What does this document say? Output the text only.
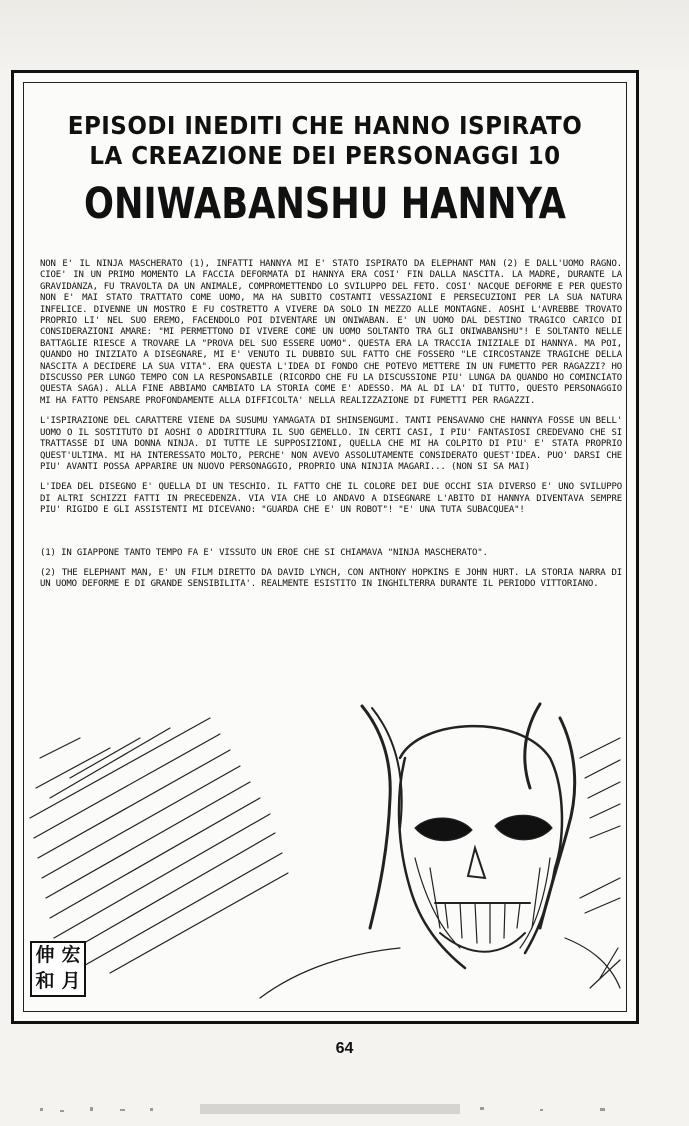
EPISODI INEDITI CHE HANNO ISPIRATO

LA CREAZIONE DEI PERSONAGGI 10

ONIWABANSHU HANNYA

NON E' IL NINJA MASCHERATO (1), INFATTI HANNYA MI E' STATO ISPIRATO DA ELEPHANT MAN (2) E DALL'UOMO RAGNO. CIOE' IN UN PRIMO MOMENTO LA FACCIA DEFORMATA DI HANNYA ERA COSI' FIN DALLA NASCITA. LA MADRE, DURANTE LA GRAVIDANZA, FU TRAVOLTA DA UN ANIMALE, COMPROMETTENDO LO SVILUPPO DEL FETO. COSI' NACQUE DEFORME E PER QUESTO NON E' MAI STATO TRATTATO COME UOMO, MA HA SUBITO COSTANTI VESSAZIONI E PERSECUZIONI PER LA SUA NATURA INFELICE. DIVENNE UN MOSTRO E FU COSTRETTO A VIVERE DA SOLO IN MEZZO ALLE MONTAGNE. AOSHI L'AVREBBE TROVATO PROPRIO LI' NEL SUO EREMO, FACENDOLO POI DIVENTARE UN ONIWABAN. E' UN UOMO DAL DESTINO TRAGICO CARICO DI CONSIDERAZIONI AMARE: "MI PERMETTONO DI VIVERE COME UN UOMO SOLTANTO TRA GLI ONIWABANSHU"! E SOLTANTO NELLE BATTAGLIE RIESCE A TROVARE LA "PROVA DEL SUO ESSERE UOMO". QUESTA ERA LA TRACCIA INIZIALE DI HANNYA. MA POI, QUANDO HO INIZIATO A DISEGNARE, MI E' VENUTO IL DUBBIO SUL FATTO CHE FOSSERO "LE CIRCOSTANZE TRAGICHE DELLA NASCITA A DECIDERE LA SUA VITA". ERA QUESTA L'IDEA DI FONDO CHE POTEVO METTERE IN UN FUMETTO PER RAGAZZI? HO DISCUSSO PER LUNGO TEMPO CON LA RESPONSABILE (RICORDO CHE FU LA DISCUSSIONE PIU' LUNGA DA QUANDO HO COMINCIATO QUESTA SAGA). ALLA FINE ABBIAMO CAMBIATO LA STORIA COME E' ADESSO. MA AL DI LA' DI TUTTO, QUESTO PERSONAGGIO MI HA FATTO PENSARE PROFONDAMENTE ALLA DIFFICOLTA' NELLA REALIZZAZIONE DI FUMETTI PER RAGAZZI.

L'ISPIRAZIONE DEL CARATTERE VIENE DA SUSUMU YAMAGATA DI SHINSENGUMI. TANTI PENSAVANO CHE HANNYA FOSSE UN BELL' UOMO O IL SOSTITUTO DI AOSHI O ADDIRITTURA IL SUO GEMELLO. IN CERTI CASI, I PIU' FANTASIOSI CREDEVANO CHE SI TRATTASSE DI UNA DONNA NINJA. DI TUTTE LE SUPPOSIZIONI, QUELLA CHE MI HA COLPITO DI PIU' E' STATA PROPRIO QUEST'ULTIMA. MI HA INTERESSATO MOLTO, PERCHE' NON AVEVO ASSOLUTAMENTE CONSIDERATO QUEST'IDEA. PUO' DARSI CHE PIU' AVANTI POSSA APPARIRE UN NUOVO PERSONAGGIO, PROPRIO UNA NINJIA MAGARI... (NON SI SA MAI)

L'IDEA DEL DISEGNO E' QUELLA DI UN TESCHIO. IL FATTO CHE IL COLORE DEI DUE OCCHI SIA DIVERSO E' UNO SVILUPPO DI ALTRI SCHIZZI FATTI IN PRECEDENZA. VIA VIA CHE LO ANDAVO A DISEGNARE L'ABITO DI HANNYA DIVENTAVA SEMPRE PIU' RIGIDO E GLI ASSISTENTI MI DICEVANO: "GUARDA CHE E' UN ROBOT"! "E' UNA TUTA SUBACQUEA"!

(1) IN GIAPPONE TANTO TEMPO FA E' VISSUTO UN EROE CHE SI CHIAMAVA "NINJA MASCHERATO".

(2) THE ELEPHANT MAN, E' UN FILM DIRETTO DA DAVID LYNCH, CON ANTHONY HOPKINS E JOHN HURT. LA STORIA NARRA DI UN UOMO DEFORME E DI GRANDE SENSIBILITA'. REALMENTE ESISTITO IN INGHILTERRA DURANTE IL PERIODO VITTORIANO.

伸 宏
和 月
64
